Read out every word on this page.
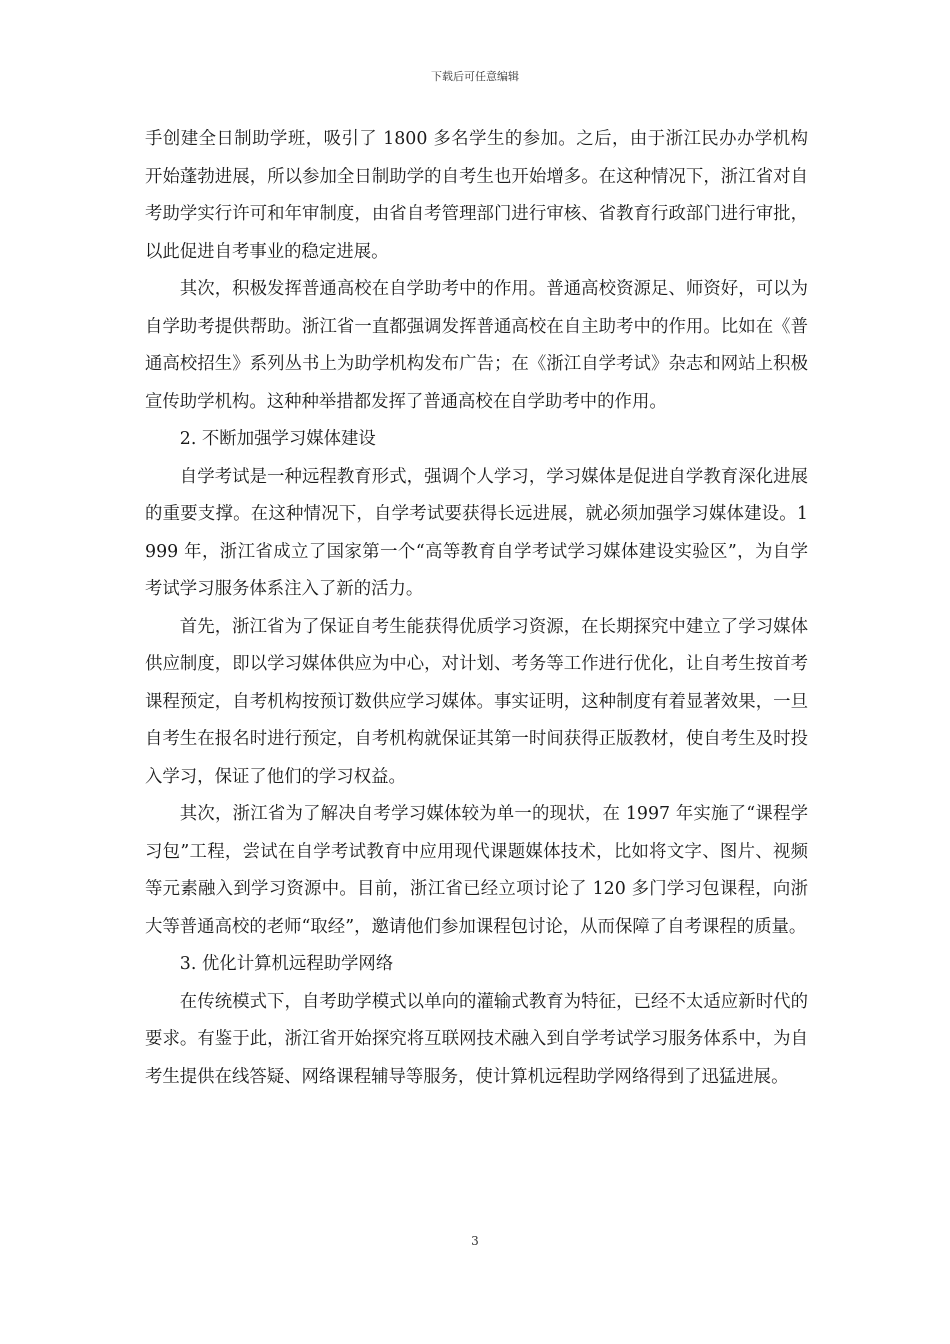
下载后可任意编辑

手创建全日制助学班，吸引了 1800 多名学生的参加。之后，由于浙江民办办学机构开始蓬勃进展，所以参加全日制助学的自考生也开始增多。在这种情况下，浙江省对自考助学实行许可和年审制度，由省自考管理部门进行审核、省教育行政部门进行审批，以此促进自考事业的稳定进展。

其次，积极发挥普通高校在自学助考中的作用。普通高校资源足、师资好，可以为自学助考提供帮助。浙江省一直都强调发挥普通高校在自主助考中的作用。比如在《普通高校招生》系列丛书上为助学机构发布广告；在《浙江自学考试》杂志和网站上积极宣传助学机构。这种种举措都发挥了普通高校在自学助考中的作用。

2. 不断加强学习媒体建设

自学考试是一种远程教育形式，强调个人学习，学习媒体是促进自学教育深化进展的重要支撑。在这种情况下，自学考试要获得长远进展，就必须加强学习媒体建设。1999 年，浙江省成立了国家第一个“高等教育自学考试学习媒体建设实验区”，为自学考试学习服务体系注入了新的活力。

首先，浙江省为了保证自考生能获得优质学习资源，在长期探究中建立了学习媒体供应制度，即以学习媒体供应为中心，对计划、考务等工作进行优化，让自考生按首考课程预定，自考机构按预订数供应学习媒体。事实证明，这种制度有着显著效果，一旦自考生在报名时进行预定，自考机构就保证其第一时间获得正版教材，使自考生及时投入学习，保证了他们的学习权益。

其次，浙江省为了解决自考学习媒体较为单一的现状，在 1997 年实施了“课程学习包”工程，尝试在自学考试教育中应用现代课题媒体技术，比如将文字、图片、视频等元素融入到学习资源中。目前，浙江省已经立项讨论了 120 多门学习包课程，向浙大等普通高校的老师“取经”，邀请他们参加课程包讨论，从而保障了自考课程的质量。

3. 优化计算机远程助学网络

在传统模式下，自考助学模式以单向的灌输式教育为特征，已经不太适应新时代的要求。有鉴于此，浙江省开始探究将互联网技术融入到自学考试学习服务体系中，为自考生提供在线答疑、网络课程辅导等服务，使计算机远程助学网络得到了迅猛进展。

3
